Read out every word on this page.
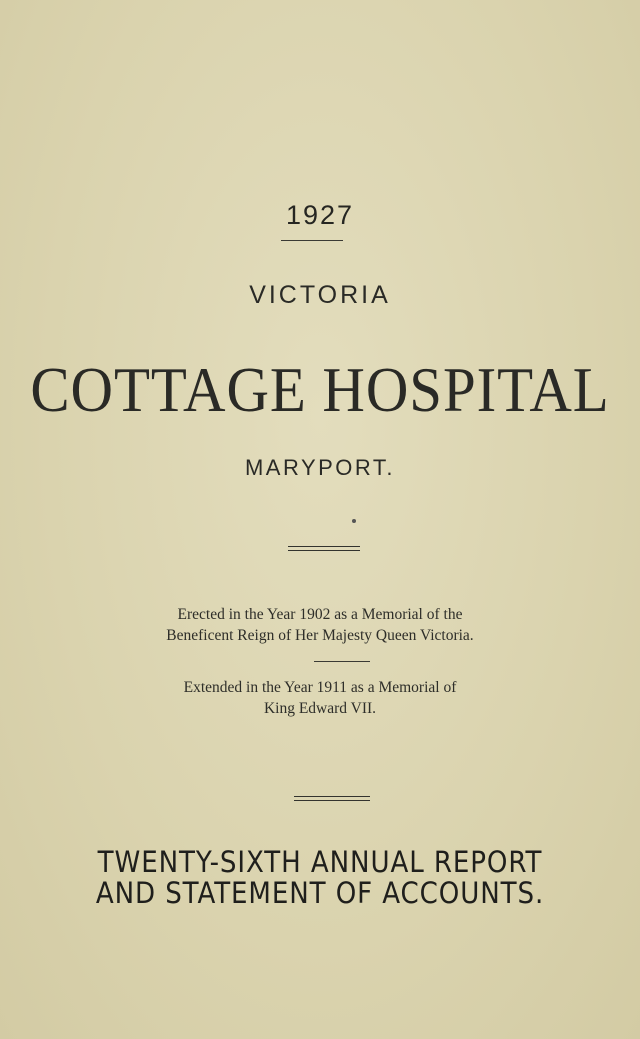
1927
VICTORIA
COTTAGE HOSPITAL
MARYPORT.
Erected in the Year 1902 as a Memorial of the
Beneficent Reign of Her Majesty Queen Victoria.
Extended in the Year 1911 as a Memorial of
King Edward VII.
TWENTY-SIXTH ANNUAL REPORT
AND STATEMENT OF ACCOUNTS.
